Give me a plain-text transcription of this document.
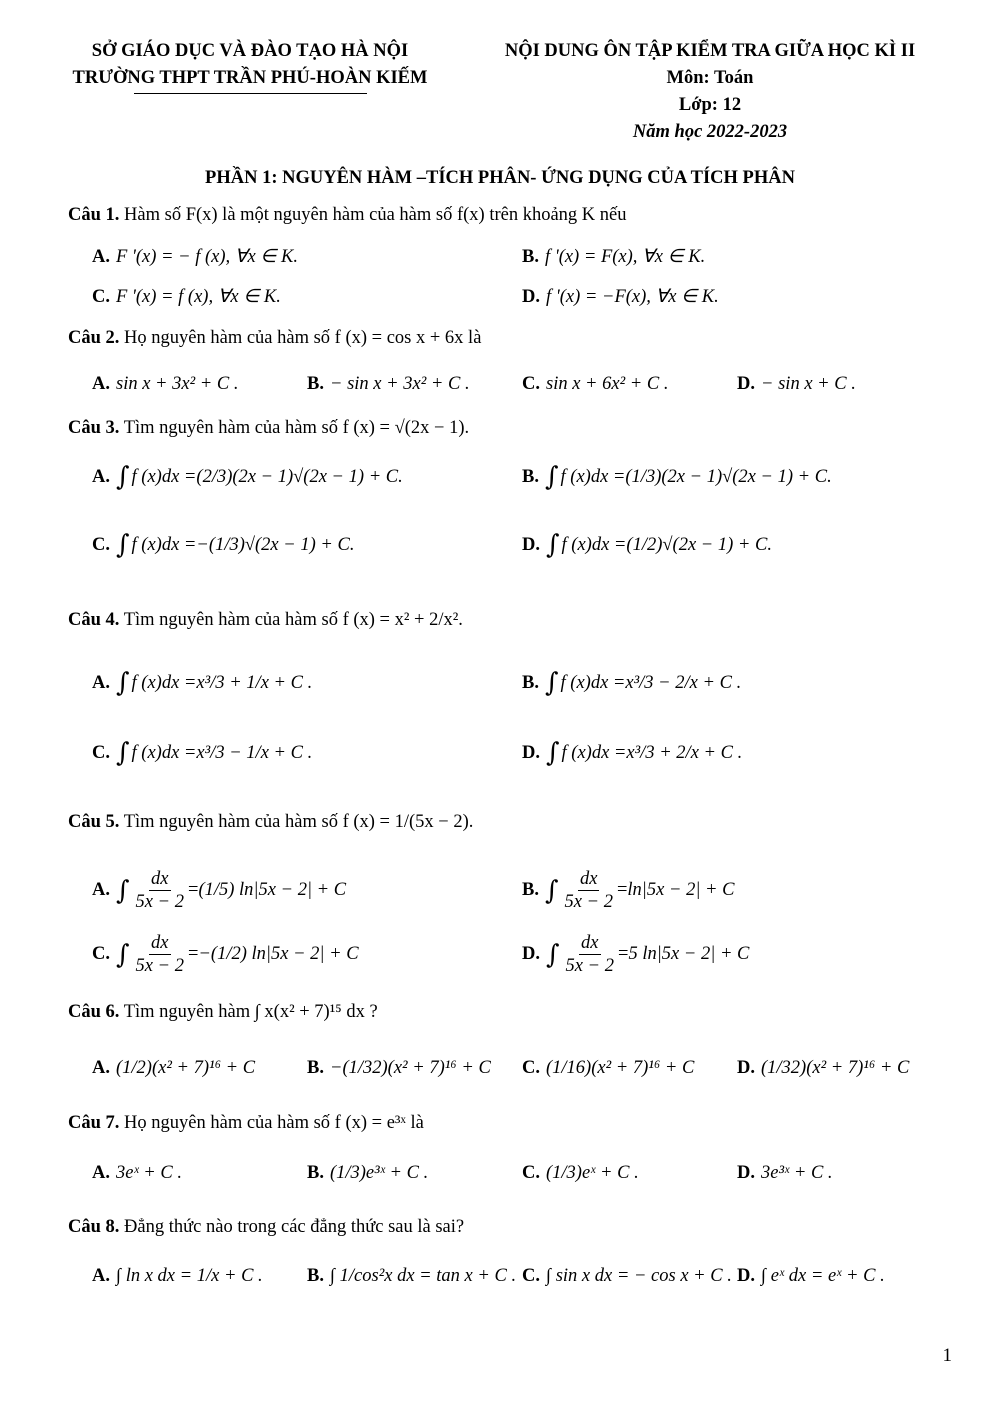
SỞ GIÁO DỤC VÀ ĐÀO TẠO HÀ NỘI
TRƯỜNG THPT TRẦN PHÚ-HOÀN KIẾM
NỘI DUNG ÔN TẬP KIỂM TRA GIỮA HỌC KÌ II
Môn: Toán
Lớp: 12
Năm học 2022-2023
PHẦN 1: NGUYÊN HÀM –TÍCH PHÂN- ỨNG DỤNG CỦA TÍCH PHÂN
Câu 1. Hàm số F(x) là một nguyên hàm của hàm số f(x) trên khoảng K nếu
A. F '(x) = − f (x), ∀x ∈ K.	B. f '(x) = F(x), ∀x ∈ K.
C. F '(x) = f (x), ∀x ∈ K.	D. f '(x) = −F(x), ∀x ∈ K.
Câu 2. Họ nguyên hàm của hàm số f (x) = cos x + 6x là
A. sin x + 3x² + C .	B. − sin x + 3x² + C .	C. sin x + 6x² + C .	D. − sin x + C .
Câu 3. Tìm nguyên hàm của hàm số f (x) = √(2x − 1).
A. ∫ f (x)dx = (2/3)(2x − 1)√(2x − 1) + C.	B. ∫ f (x)dx = (1/3)(2x − 1)√(2x − 1) + C.
C. ∫ f (x)dx = −(1/3)√(2x − 1) + C.	D. ∫ f (x)dx = (1/2)√(2x − 1) + C.
Câu 4. Tìm nguyên hàm của hàm số f (x) = x² + 2/x².
A. ∫ f (x)dx = x³/3 + 1/x + C .	B. ∫ f (x)dx = x³/3 − 2/x + C .
C. ∫ f (x)dx = x³/3 − 1/x + C .	D. ∫ f (x)dx = x³/3 + 2/x + C .
Câu 5. Tìm nguyên hàm của hàm số f (x) = 1/(5x − 2).
A. ∫ $\frac{dx}{5x - 2} = (1/5) \ln|5x - 2| + C$	B. ∫ $\frac{dx}{5x - 2} = \ln|5x - 2| + C$
C. ∫ $\frac{dx}{5x - 2} = -(1/2) \ln|5x - 2| + C$	D. ∫ $\frac{dx}{5x - 2} = 5$ ln|5x − 2| + C
Câu 6. Tìm nguyên hàm ∫ x(x² + 7)¹⁵ dx ?
A. (1/2)(x² + 7)¹⁶ + C	B. −(1/32)(x² + 7)¹⁶ + C C. (1/16)(x² + 7)¹⁶ + C D. (1/32)(x² + 7)¹⁶ + C
Câu 7. Họ nguyên hàm của hàm số f (x) = e³ˣ là
A. 3eˣ + C .	B. (1/3)e³ˣ + C .	C. (1/3)eˣ + C .	D. 3e³ˣ + C .
Câu 8. Đẳng thức nào trong các đẳng thức sau là sai?
A. ∫ ln x dx = 1/x + C . B. ∫ 1/cos²x dx = tan x + C . C. ∫ sin x dx = − cos x + C . D. ∫ eˣ dx = eˣ + C .
1
